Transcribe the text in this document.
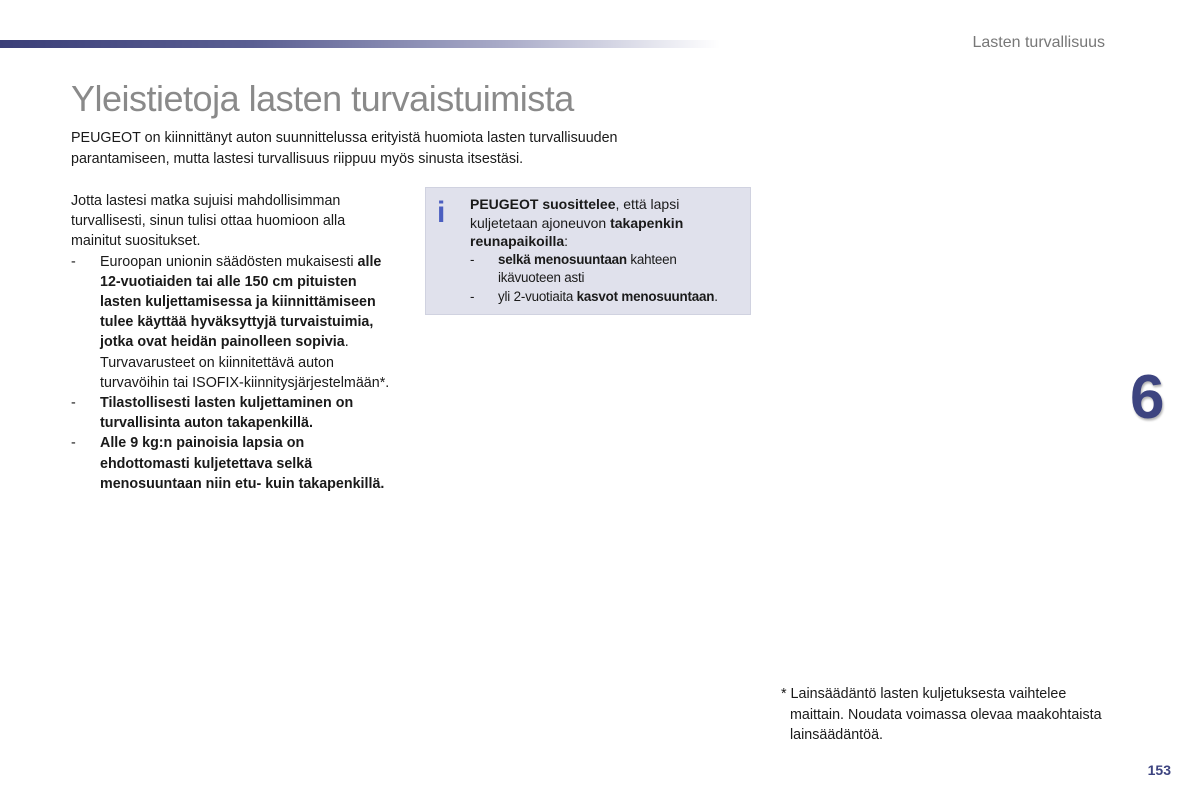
Lasten turvallisuus
Yleistietoja lasten turvaistuimista

PEUGEOT on kiinnittänyt auton suunnittelussa erityistä huomiota lasten turvallisuuden parantamiseen, mutta lastesi turvallisuus riippuu myös sinusta itsestäsi.

Jotta lastesi matka sujuisi mahdollisimman turvallisesti, sinun tulisi ottaa huomioon alla mainitut suositukset.

- Euroopan unionin säädösten mukaisesti alle 12-vuotiaiden tai alle 150 cm pituisten lasten kuljettamisessa ja kiinnittämiseen tulee käyttää hyväksyttyjä turvaistuimia, jotka ovat heidän painolleen sopivia. Turvavarusteet on kiinnitettävä auton turvavöihin tai ISOFIX-kiinnitysjärjestelmään*.
- Tilastollisesti lasten kuljettaminen on turvallisinta auton takapenkillä.
- Alle 9 kg:n painoisia lapsia on ehdottomasti kuljetettava selkä menosuuntaan niin etu- kuin takapenkillä.
i PEUGEOT suosittelee, että lapsi kuljetetaan ajoneuvon takapenkin reunapaikoilla:

- selkä menosuuntaan kahteen ikävuoteen asti
- yli 2-vuotiaita kasvot menosuuntaan.
6

* Lainsäädäntö lasten kuljetuksesta vaihtelee maittain. Noudata voimassa olevaa maakohtaista lainsäädäntöä.

153
